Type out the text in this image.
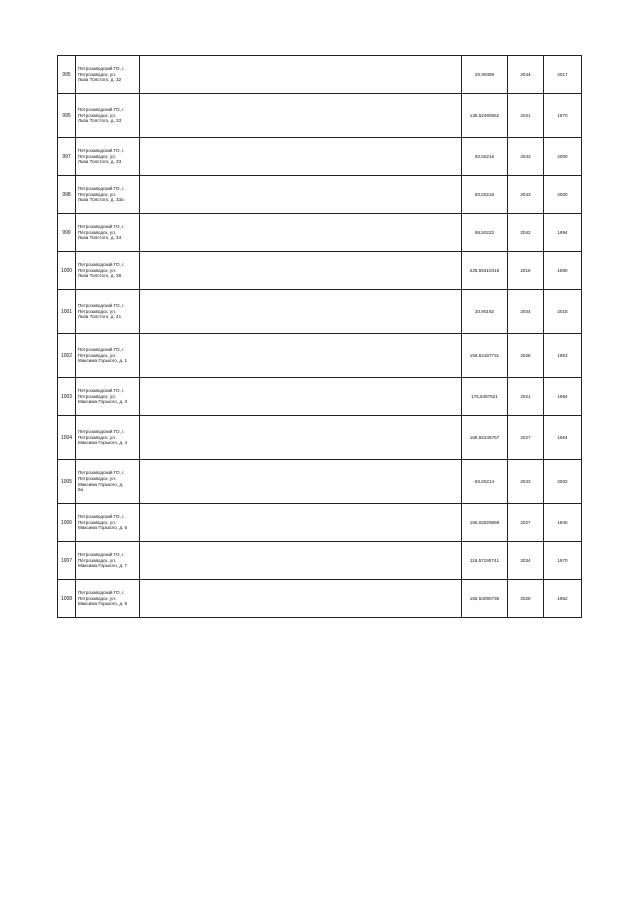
995	Петрозаводский ГО, г.
Петрозаводск, ул.
Льва Толстого, д. 32		20,90389	2044	2017
995	Петрозаводский ГО, г.
Петрозаводск, ул.
Льва Толстого, д. 33		138,52490662	2031	1970
997	Петрозаводский ГО, г.
Петрозаводск, ул.
Льва Толстого, д. 33		50,50216	2043	2000
998	Петрозаводский ГО, г.
Петрозаводск, ул.
Льва Толстого, д. 33а		50,50216	2043	2000
999	Петрозаводский ГО, г.
Петрозаводск, ул.
Льва Толстого, д. 34		95,50222	2042	1994
1000	Петрозаводский ГО, г.
Петрозаводск, ул.
Льва Толстого, д. 38		225,59310419	2016	1980
1001	Петрозаводский ГО, г.
Петрозаводск, ул.
Льва Толстого, д. 41		20,90192	2044	2018
1002	Петрозаводский ГО, г.
Петрозаводск, ул.
Максима Горького, д. 1		156,53167731	2026	1953
1003	Петрозаводский ГО, г.
Петрозаводск, ул.
Максима Горького, д. 3		175,5497621	2021	1964
1004	Петрозаводский ГО, г.
Петрозаводск, ул.
Максима Горького, д. 4		158,92246757	2027	1954
1005	Петрозаводский ГО, г.
Петрозаводск, ул.
Максима Горького, д.
5а		50,60214	2043	2002
1006	Петрозаводский ГО, г.
Петрозаводск, ул.
Максима Горького, д. 6		156,02829968	2027	1940
1007	Петрозаводский ГО, г.
Петрозаводск, ул.
Максима Горького, д. 7		116,57190741	2034	1970
1008	Петрозаводский ГО, г.
Петрозаводск, ул.
Максима Горького, д. 9		155,53090735	2025	1952
